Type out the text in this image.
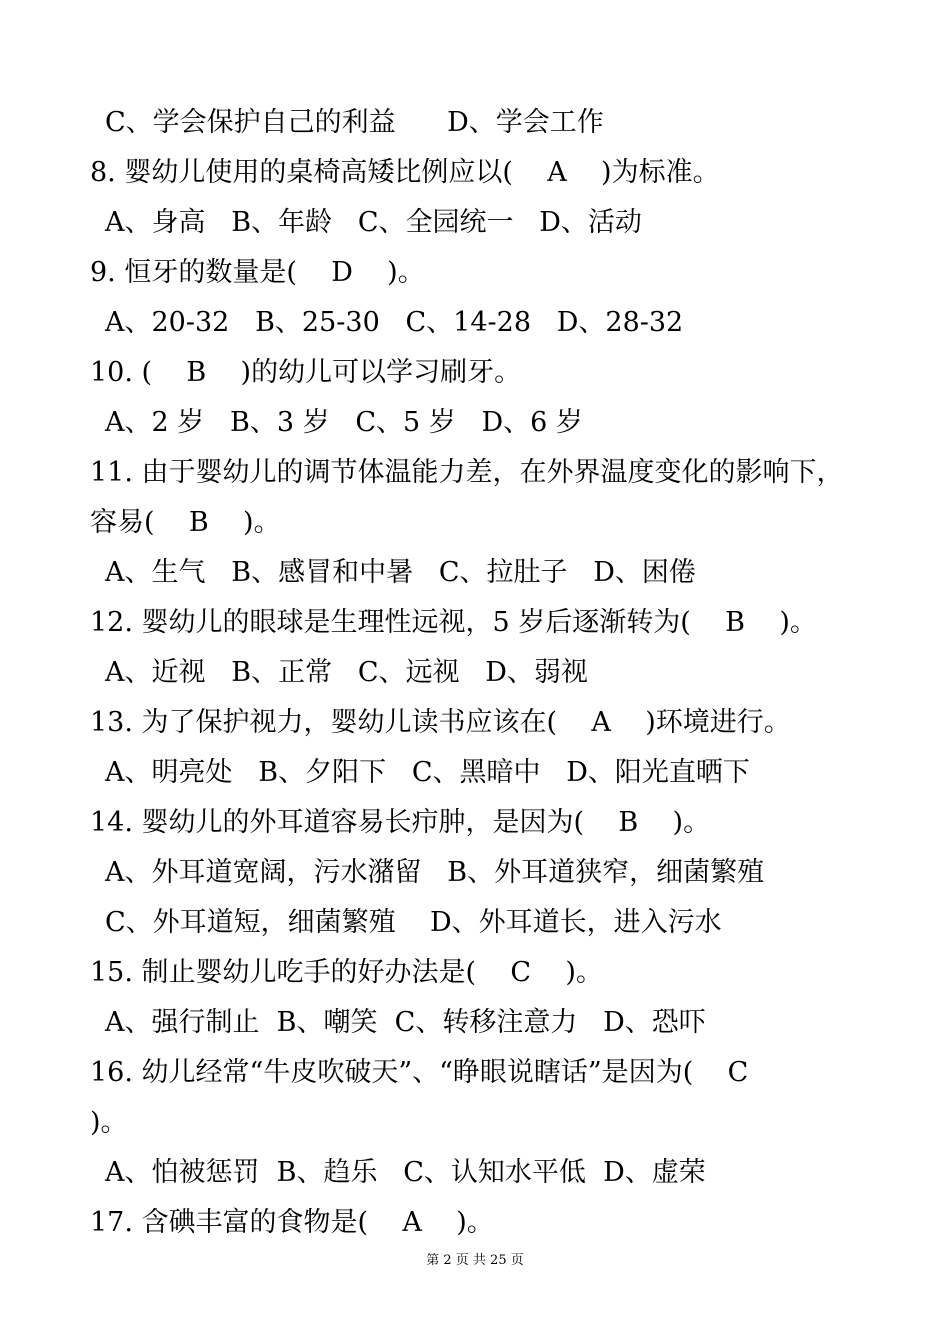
C、学会保护自己的利益      D、学会工作
8. 婴幼儿使用的桌椅高矮比例应以(    A    )为标准。
A、身高   B、年龄   C、全园统一   D、活动
9. 恒牙的数量是(    D    )。
A、20-32   B、25-30   C、14-28   D、28-32
10. (    B    )的幼儿可以学习刷牙。
A、2 岁   B、3 岁   C、5 岁   D、6 岁
11. 由于婴幼儿的调节体温能力差，在外界温度变化的影响下，
容易(    B    )。
A、生气   B、感冒和中暑   C、拉肚子   D、困倦
12. 婴幼儿的眼球是生理性远视，5 岁后逐渐转为(    B    )。
A、近视   B、正常   C、远视   D、弱视
13. 为了保护视力，婴幼儿读书应该在(    A    )环境进行。
A、明亮处   B、夕阳下   C、黑暗中   D、阳光直晒下
14. 婴幼儿的外耳道容易长疖肿，是因为(    B    )。
A、外耳道宽阔，污水潴留   B、外耳道狭窄，细菌繁殖
C、外耳道短，细菌繁殖    D、外耳道长，进入污水
15. 制止婴幼儿吃手的好办法是(    C    )。
A、强行制止  B、嘲笑  C、转移注意力   D、恐吓
16. 幼儿经常“牛皮吹破天”、“睁眼说瞎话”是因为(    C
)。
A、怕被惩罚  B、趋乐   C、认知水平低  D、虚荣
17. 含碘丰富的食物是(    A    )。
第 2 页 共 25 页
